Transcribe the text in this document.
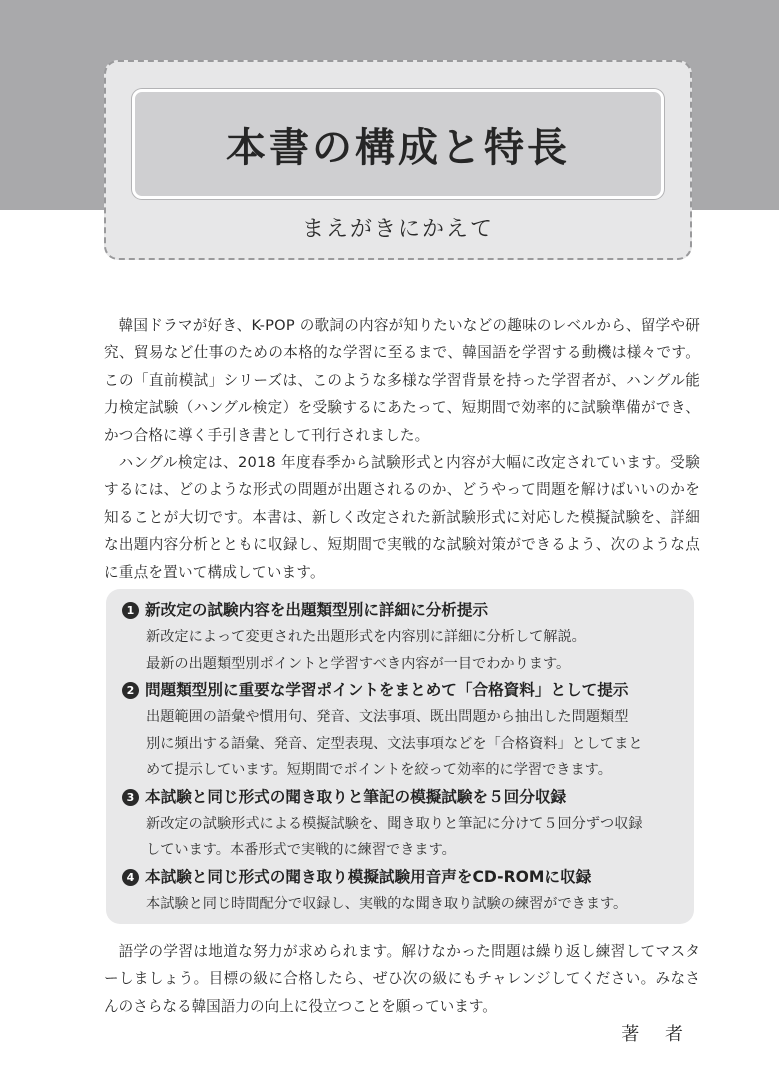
本書の構成と特長
まえがきにかえて

韓国ドラマが好き、K-POP の歌詞の内容が知りたいなどの趣味のレベルから、留学や研究、貿易など仕事のための本格的な学習に至るまで、韓国語を学習する動機は様々です。この「直前模試」シリーズは、このような多様な学習背景を持った学習者が、ハングル能力検定試験（ハングル検定）を受験するにあたって、短期間で効率的に試験準備ができ、かつ合格に導く手引き書として刊行されました。

ハングル検定は、2018 年度春季から試験形式と内容が大幅に改定されています。受験するには、どのような形式の問題が出題されるのか、どうやって問題を解けばいいのかを知ることが大切です。本書は、新しく改定された新試験形式に対応した模擬試験を、詳細な出題内容分析とともに収録し、短期間で実戦的な試験対策ができるよう、次のような点に重点を置いて構成しています。

1 新改定の試験内容を出題類型別に詳細に分析提示
新改定によって変更された出題形式を内容別に詳細に分析して解説。
最新の出題類型別ポイントと学習すべき内容が一目でわかります。
2 問題類型別に重要な学習ポイントをまとめて「合格資料」として提示
出題範囲の語彙や慣用句、発音、文法事項、既出問題から抽出した問題類型
別に頻出する語彙、発音、定型表現、文法事項などを「合格資料」としてまと
めて提示しています。短期間でポイントを絞って効率的に学習できます。
3 本試験と同じ形式の聞き取りと筆記の模擬試験を５回分収録
新改定の試験形式による模擬試験を、聞き取りと筆記に分けて５回分ずつ収録
しています。本番形式で実戦的に練習できます。
4 本試験と同じ形式の聞き取り模擬試験用音声をCD-ROMに収録
本試験と同じ時間配分で収録し、実戦的な聞き取り試験の練習ができます。
語学の学習は地道な努力が求められます。解けなかった問題は繰り返し練習してマスターしましょう。目標の級に合格したら、ぜひ次の級にもチャレンジしてください。みなさんのさらなる韓国語力の向上に役立つことを願っています。
著 者
